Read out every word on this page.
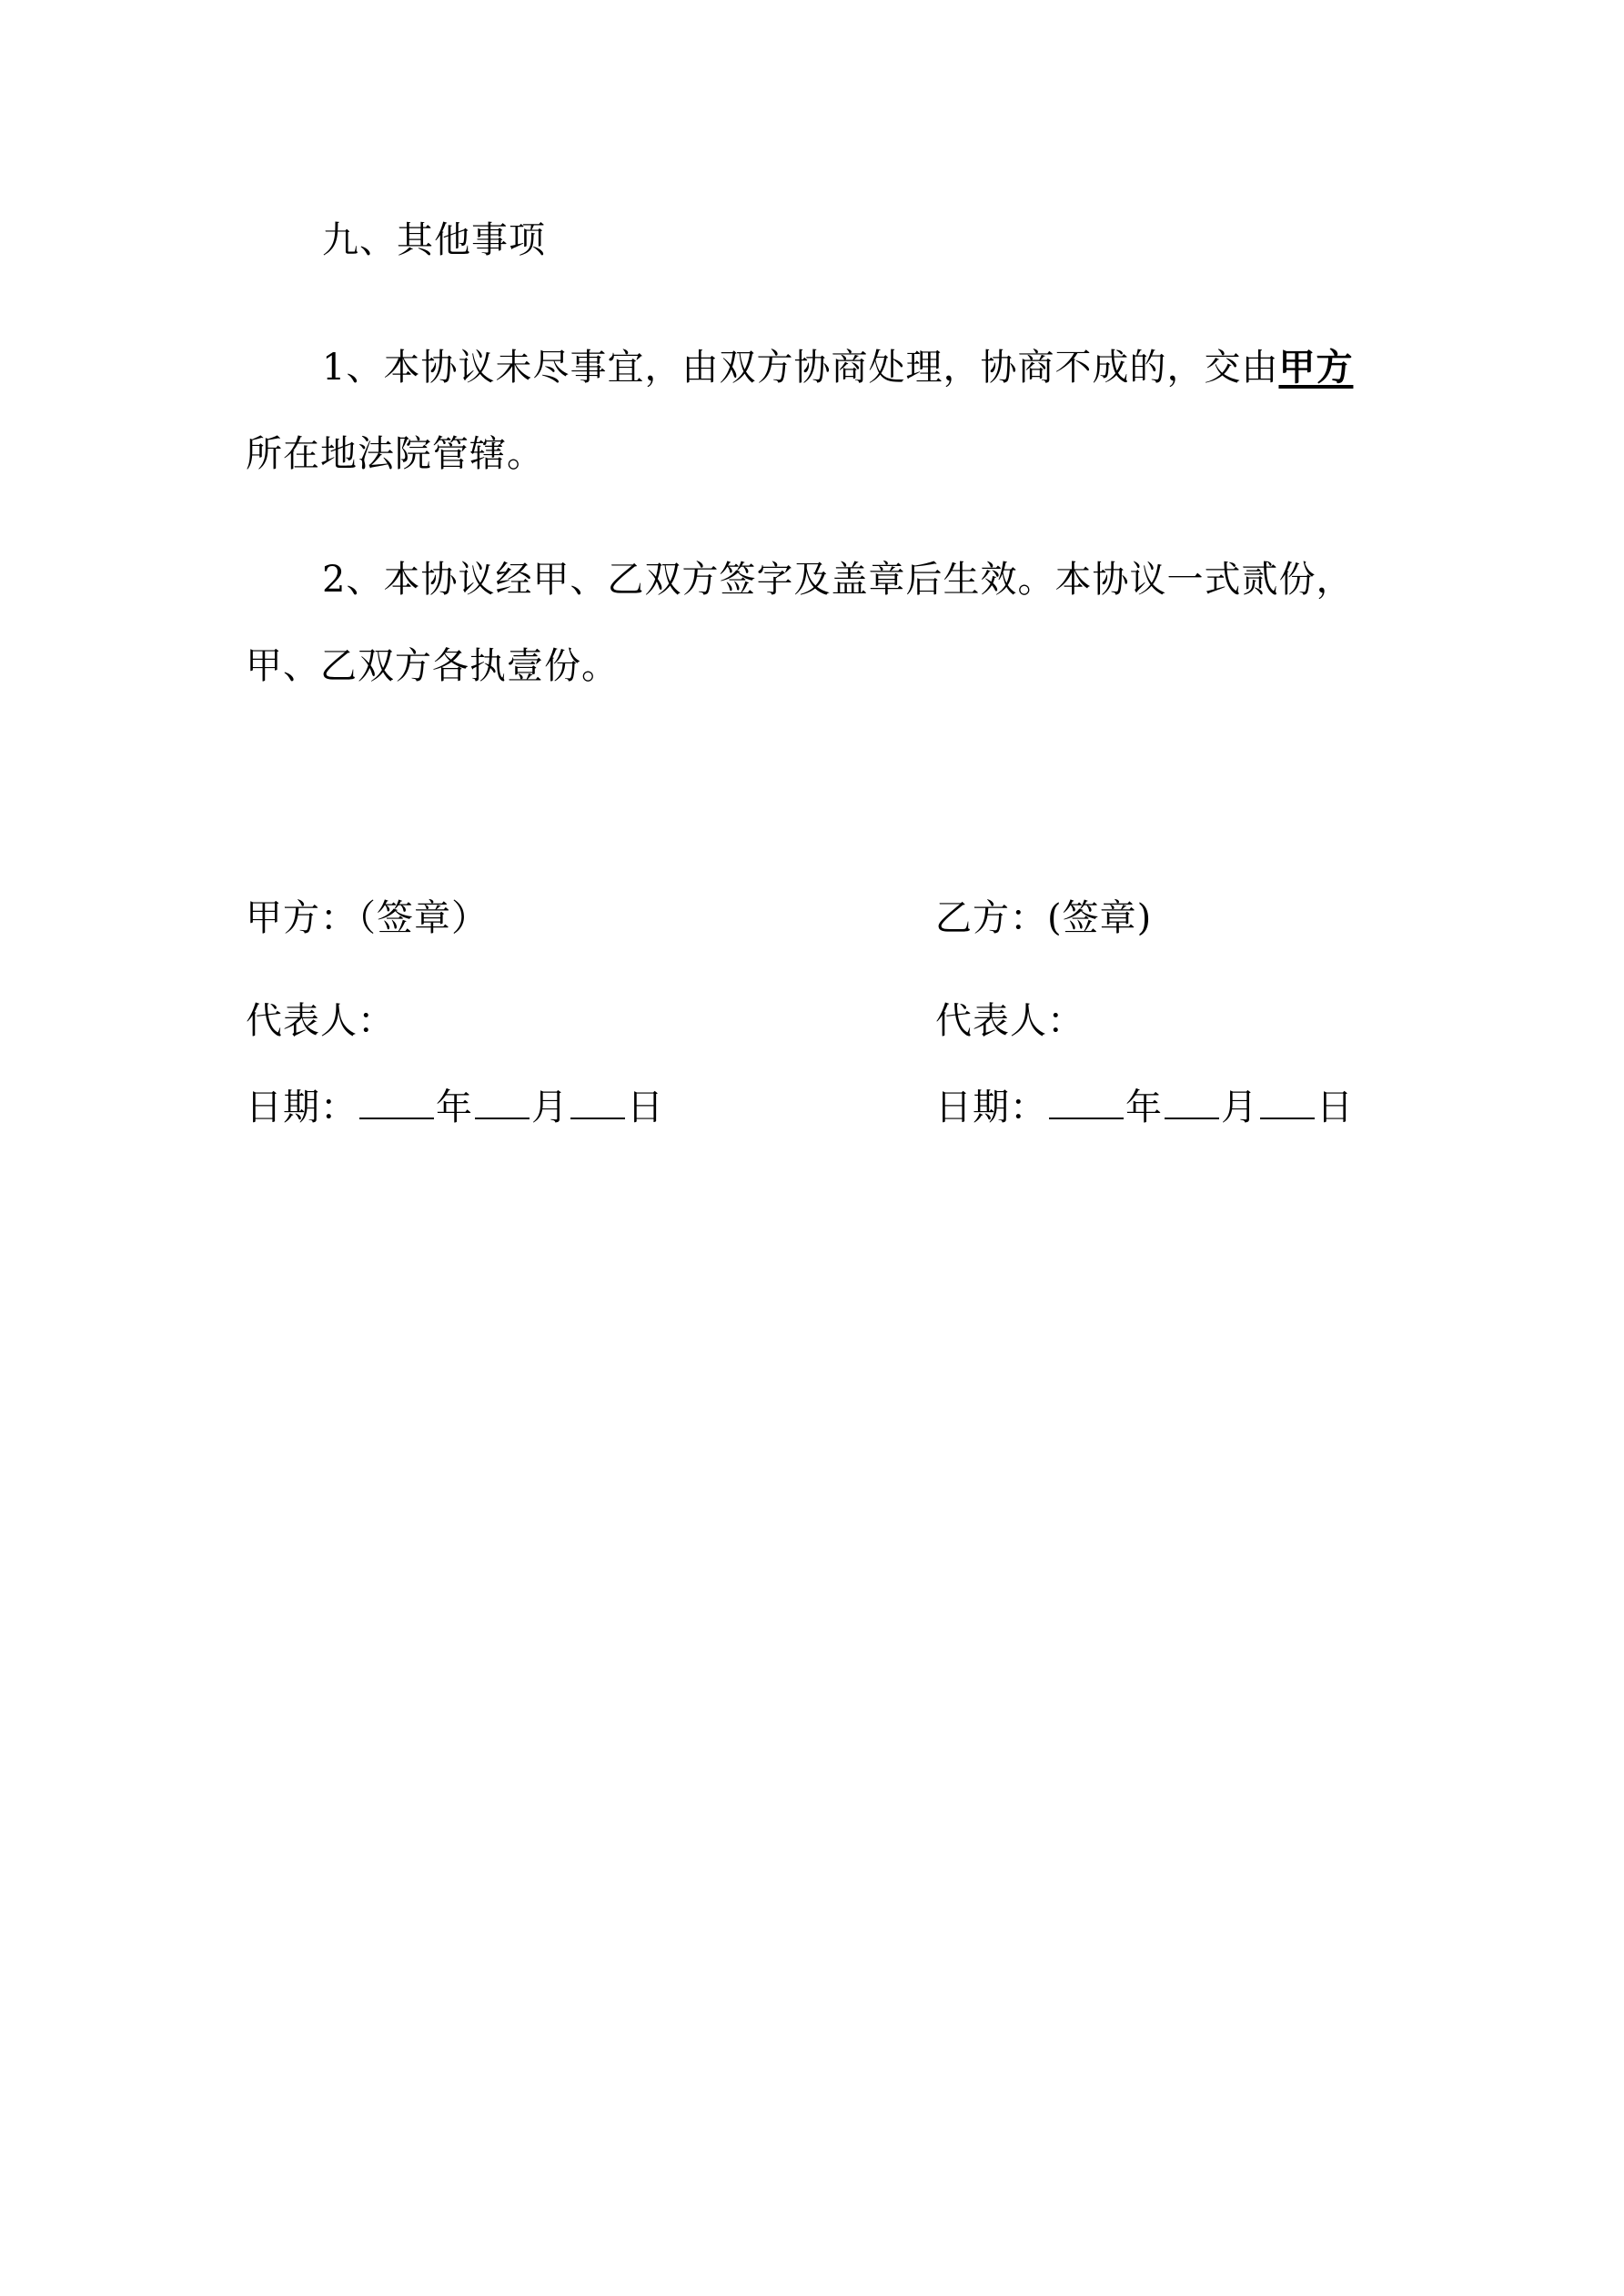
九、其他事项
1、本协议未尽事宜，由双方协商处理，协商不成的，交由甲方
所在地法院管辖。
2、本协议经甲、乙双方签字及盖章后生效。本协议一式贰份，
甲、乙双方各执壹份。
甲方：（签章）
代表人：
日期： 年 月 日
乙方：(签章)
代表人：
日期： 年 月 日
